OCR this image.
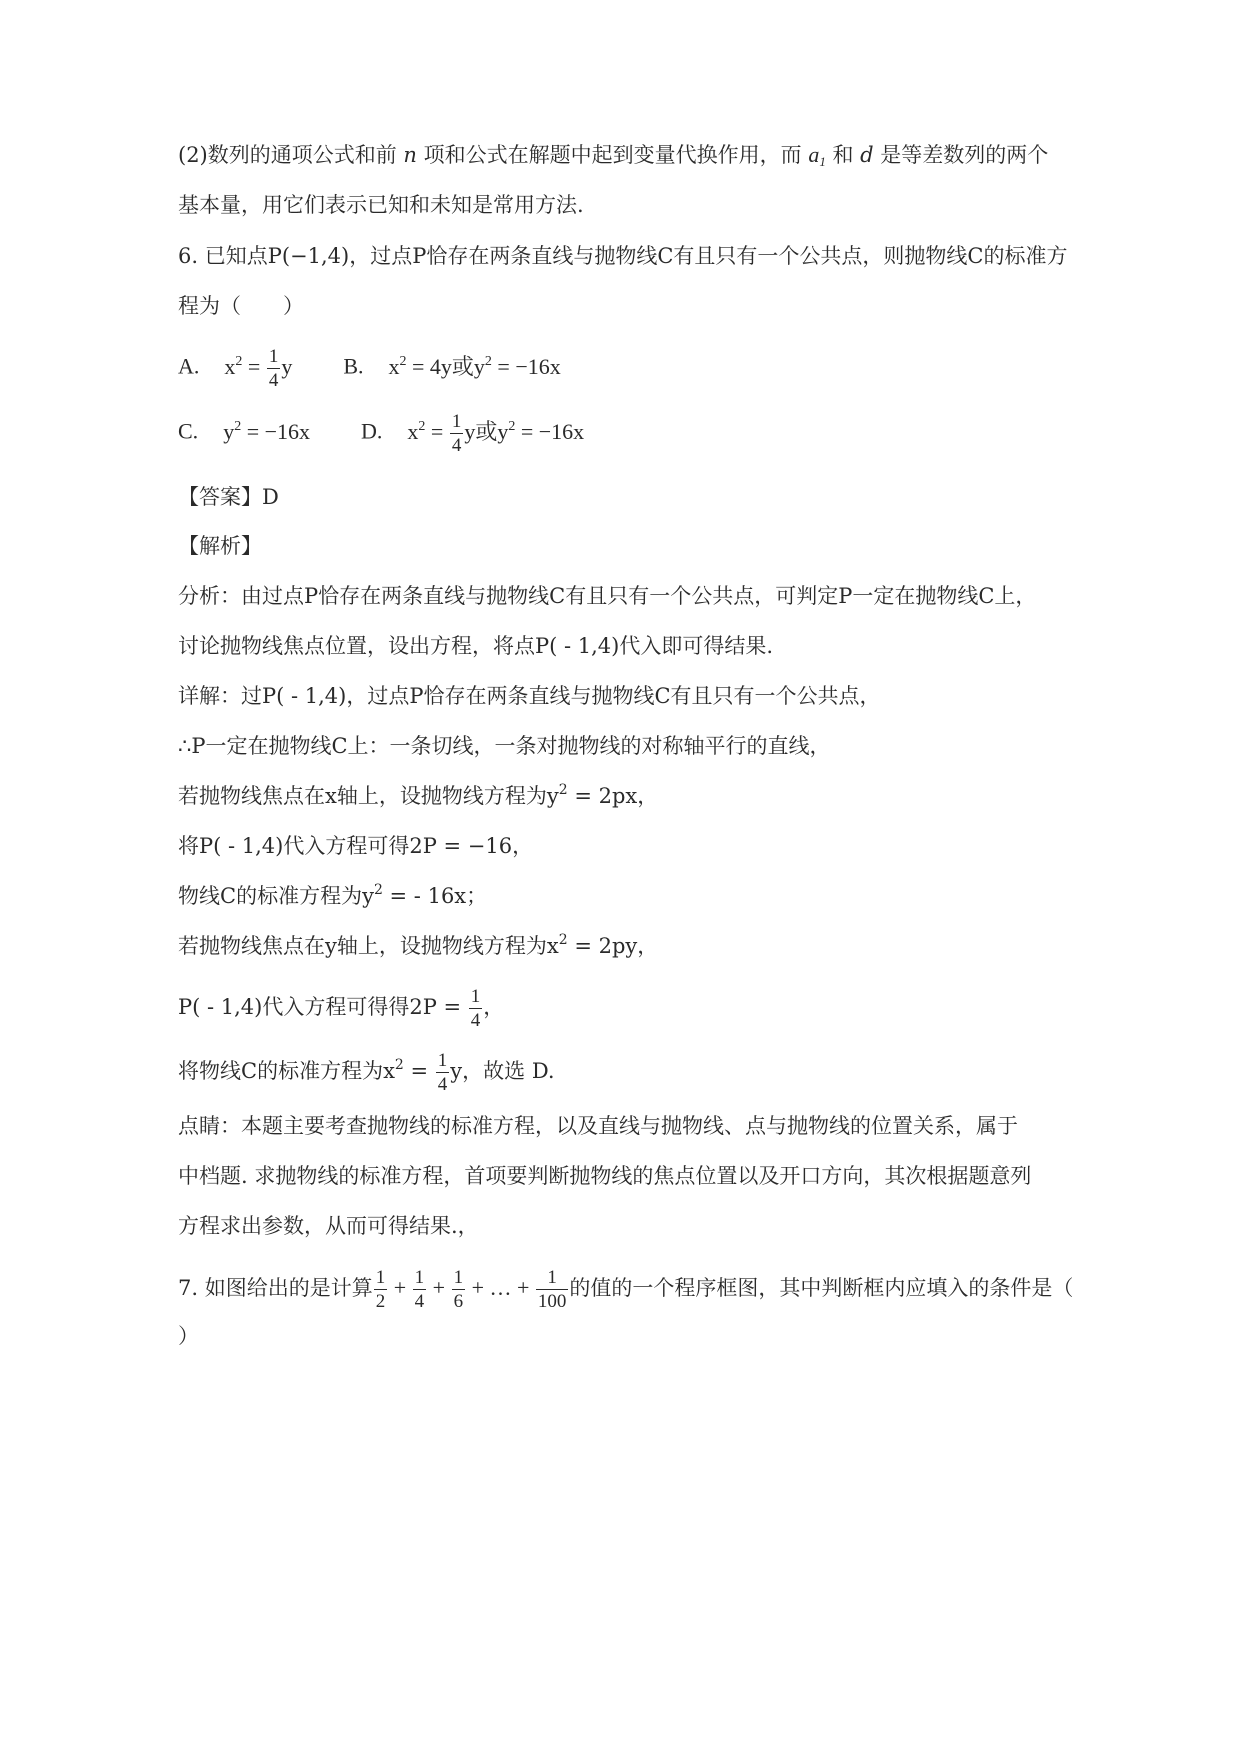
(2)数列的通项公式和前 n 项和公式在解题中起到变量代换作用，而 $a_1$ 和 d 是等差数列的两个
基本量，用它们表示已知和未知是常用方法.
6. 已知点P(−1,4)，过点P恰存在两条直线与抛物线C有且只有一个公共点，则抛物线C的标准方
程为（　　）
A. $x^2 = \frac{1}{4}$ y B. $x^2 = 4y$或$y^2 = -16x$
C. $y^2 = -16x$ D. $x^2 = \frac{1}{4}$ y或$y^2 = -16x$
【答案】D
【解析】
分析：由过点P恰存在两条直线与抛物线C有且只有一个公共点，可判定P一定在抛物线C上，
讨论抛物线焦点位置，设出方程，将点P( - 1,4)代入即可得结果.
详解：过P( - 1,4)，过点P恰存在两条直线与抛物线C有且只有一个公共点，
∴P一定在抛物线C上：一条切线，一条对抛物线的对称轴平行的直线，
若抛物线焦点在x轴上，设抛物线方程为$y^2 = 2px$，
将P( - 1,4)代入方程可得2P = −16，
物线C的标准方程为$y^2$ = - 16x；
若抛物线焦点在y轴上，设抛物线方程为$x^2 = 2py$，
P( - 1,4)代入方程可得得$2P = \frac{1}{4}$ ，
将物线C的标准方程为$x^2 = \frac{1}{4}$ y，故选 D.
点睛：本题主要考查抛物线的标准方程，以及直线与抛物线、点与抛物线的位置关系，属于
中档题. 求抛物线的标准方程，首项要判断抛物线的焦点位置以及开口方向，其次根据题意列
方程求出参数，从而可得结果.，
7. 如图给出的是计算 $\frac{1}{2} + \frac{1}{4} + \frac{1}{6}$ + … + $\frac{1}{100}$ 的值的一个程序框图，其中判断框内应填入的条件是（
）
